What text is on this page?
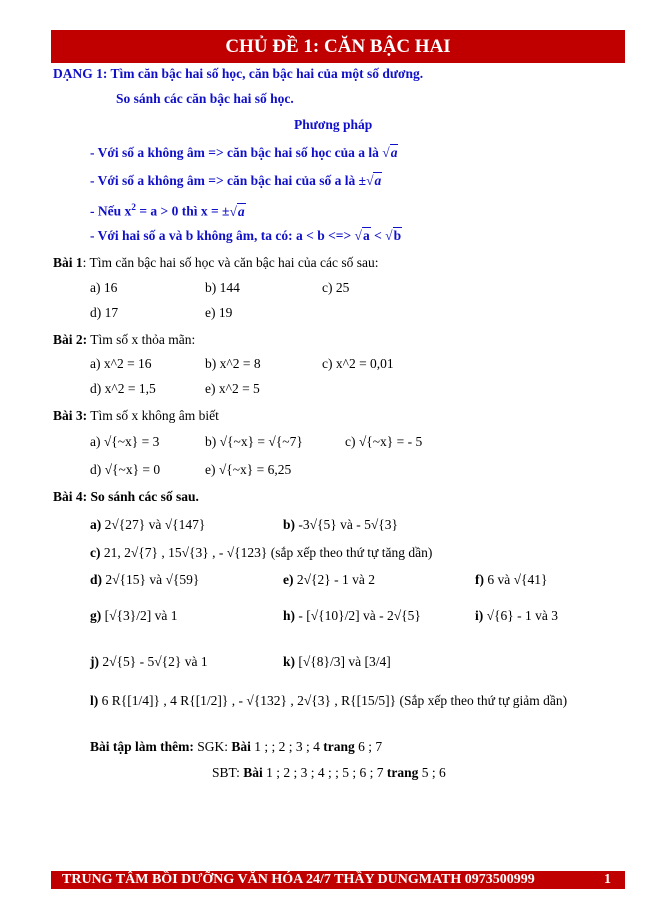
CHỦ ĐỀ 1: CĂN BẬC HAI
DẠNG 1: Tìm căn bậc hai số học, căn bậc hai của một số dương.
So sánh các căn bậc hai số học.
Phương pháp
- Với số a không âm => căn bậc hai số học của a là √a
- Với số a không âm => căn bậc hai của số a là ±√a
- Nếu $x^2 = a > 0$ thì x = ±√a
- Với hai số a và b không âm, ta có: a < b <=> √a < √b
Bài 1: Tìm căn bậc hai số học và căn bậc hai của các số sau:
a) 16	b) 144	c) 25
d) 17	e) 19
Bài 2: Tìm số x thỏa mãn:
a) x^2 = 16	b) x^2 = 8	c) x^2 = 0,01
d) x^2 = 1,5	e) x^2 = 5
Bài 3: Tìm số x không âm biết
a) √{~x} = 3	b) √{~x} = √{~7}	c) √{~x} = - 5
d) √{~x} = 0	e) √{~x} = 6,25
Bài 4: So sánh các số sau.
a) 2√{27} và √{147}	b) -3√{5} và - 5√{3}
c) 21, 2√{7} , 15√{3} , - √{123} (sắp xếp theo thứ tự tăng dần)
d) 2√{15} và √{59}	e) 2√{2} - 1 và 2	f) 6 và √{41}
g) [√{3}/2] và 1	h) - [√{10}/2] và - 2√{5}	i) √{6} - 1 và 3
j) 2√{5} - 5√{2} và 1	k) [√{8}/3] và [3/4]
l) 6 R{[1/4]} , 4 R{[1/2]} , - √{132} , 2√{3} , R{[15/5]} (Sắp xếp theo thứ tự giảm dần)
Bài tập làm thêm: SGK: Bài 1 ; ; 2 ; 3 ; 4 trang 6 ; 7
SBT: Bài 1 ; 2 ; 3 ; 4 ; ; 5 ; 6 ; 7 trang 5 ; 6
TRUNG TÂM BỒI DƯỠNG VĂN HÓA 24/7 THẦY DUNGMATH 0973500999	1
